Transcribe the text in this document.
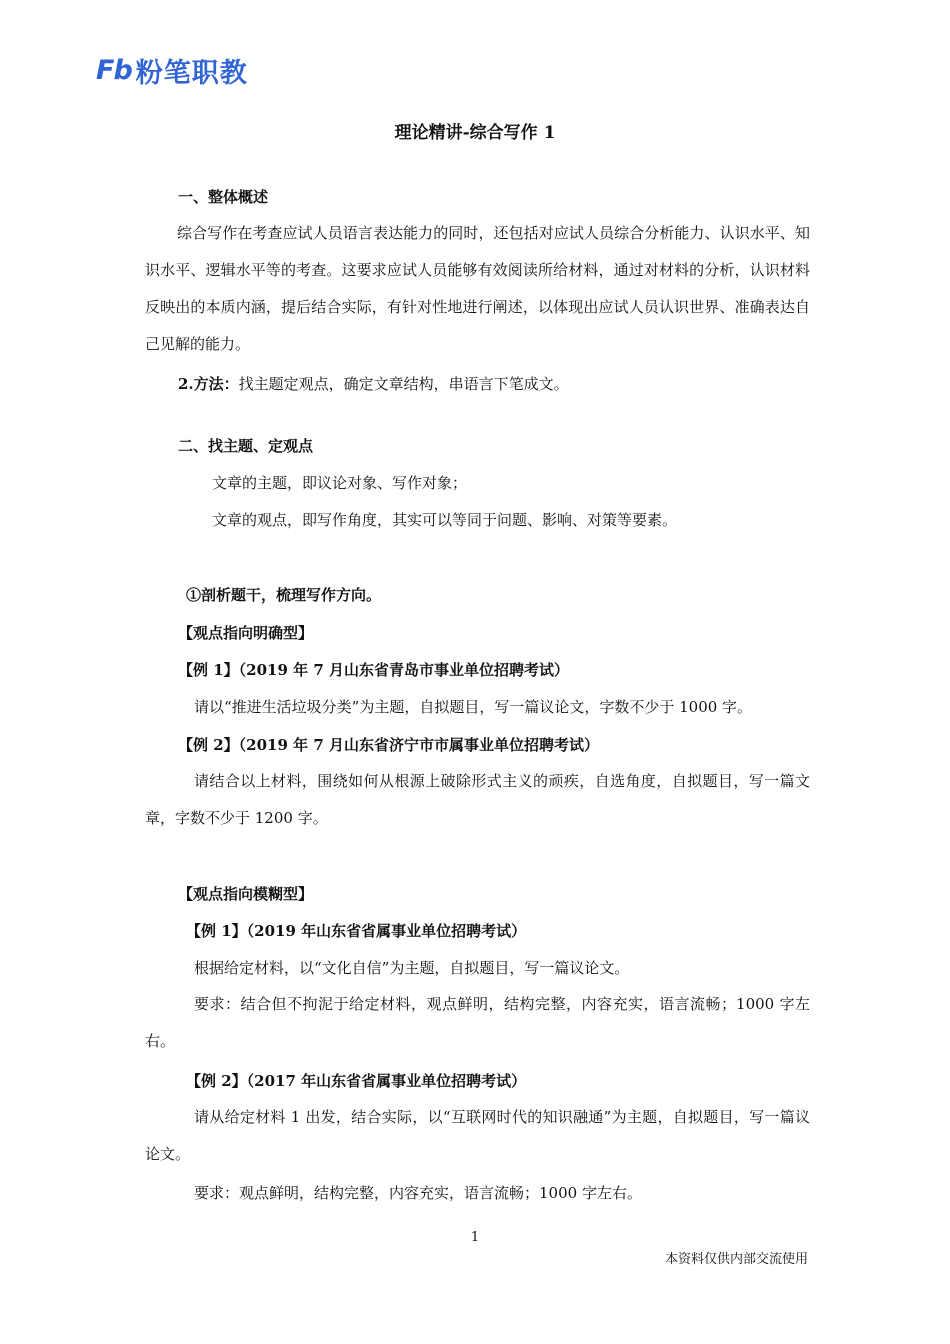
Fb 粉笔职教
理论精讲-综合写作 1
一、整体概述
综合写作在考查应试人员语言表达能力的同时，还包括对应试人员综合分析能力、认识水平、知识水平、逻辑水平等的考查。这要求应试人员能够有效阅读所给材料，通过对材料的分析，认识材料反映出的本质内涵，提后结合实际，有针对性地进行阐述，以体现出应试人员认识世界、准确表达自己见解的能力。
2.方法：找主题定观点，确定文章结构，串语言下笔成文。
二、找主题、定观点
文章的主题，即议论对象、写作对象；
文章的观点，即写作角度，其实可以等同于问题、影响、对策等要素。
①剖析题干，梳理写作方向。
【观点指向明确型】
【例 1】（2019 年 7 月山东省青岛市事业单位招聘考试）
请以“推进生活垃圾分类”为主题，自拟题目，写一篇议论文，字数不少于 1000 字。
【例 2】（2019 年 7 月山东省济宁市市属事业单位招聘考试）
请结合以上材料，围绕如何从根源上破除形式主义的顽疾，自选角度，自拟题目，写一篇文章，字数不少于 1200 字。
【观点指向模糊型】
【例 1】（2019 年山东省省属事业单位招聘考试）
根据给定材料，以“文化自信”为主题，自拟题目，写一篇议论文。
要求：结合但不拘泥于给定材料，观点鲜明，结构完整，内容充实，语言流畅；1000 字左右。
【例 2】（2017 年山东省省属事业单位招聘考试）
请从给定材料 1 出发，结合实际，以“互联网时代的知识融通”为主题，自拟题目，写一篇议论文。
要求：观点鲜明，结构完整，内容充实，语言流畅；1000 字左右。
1
本资料仅供内部交流使用
